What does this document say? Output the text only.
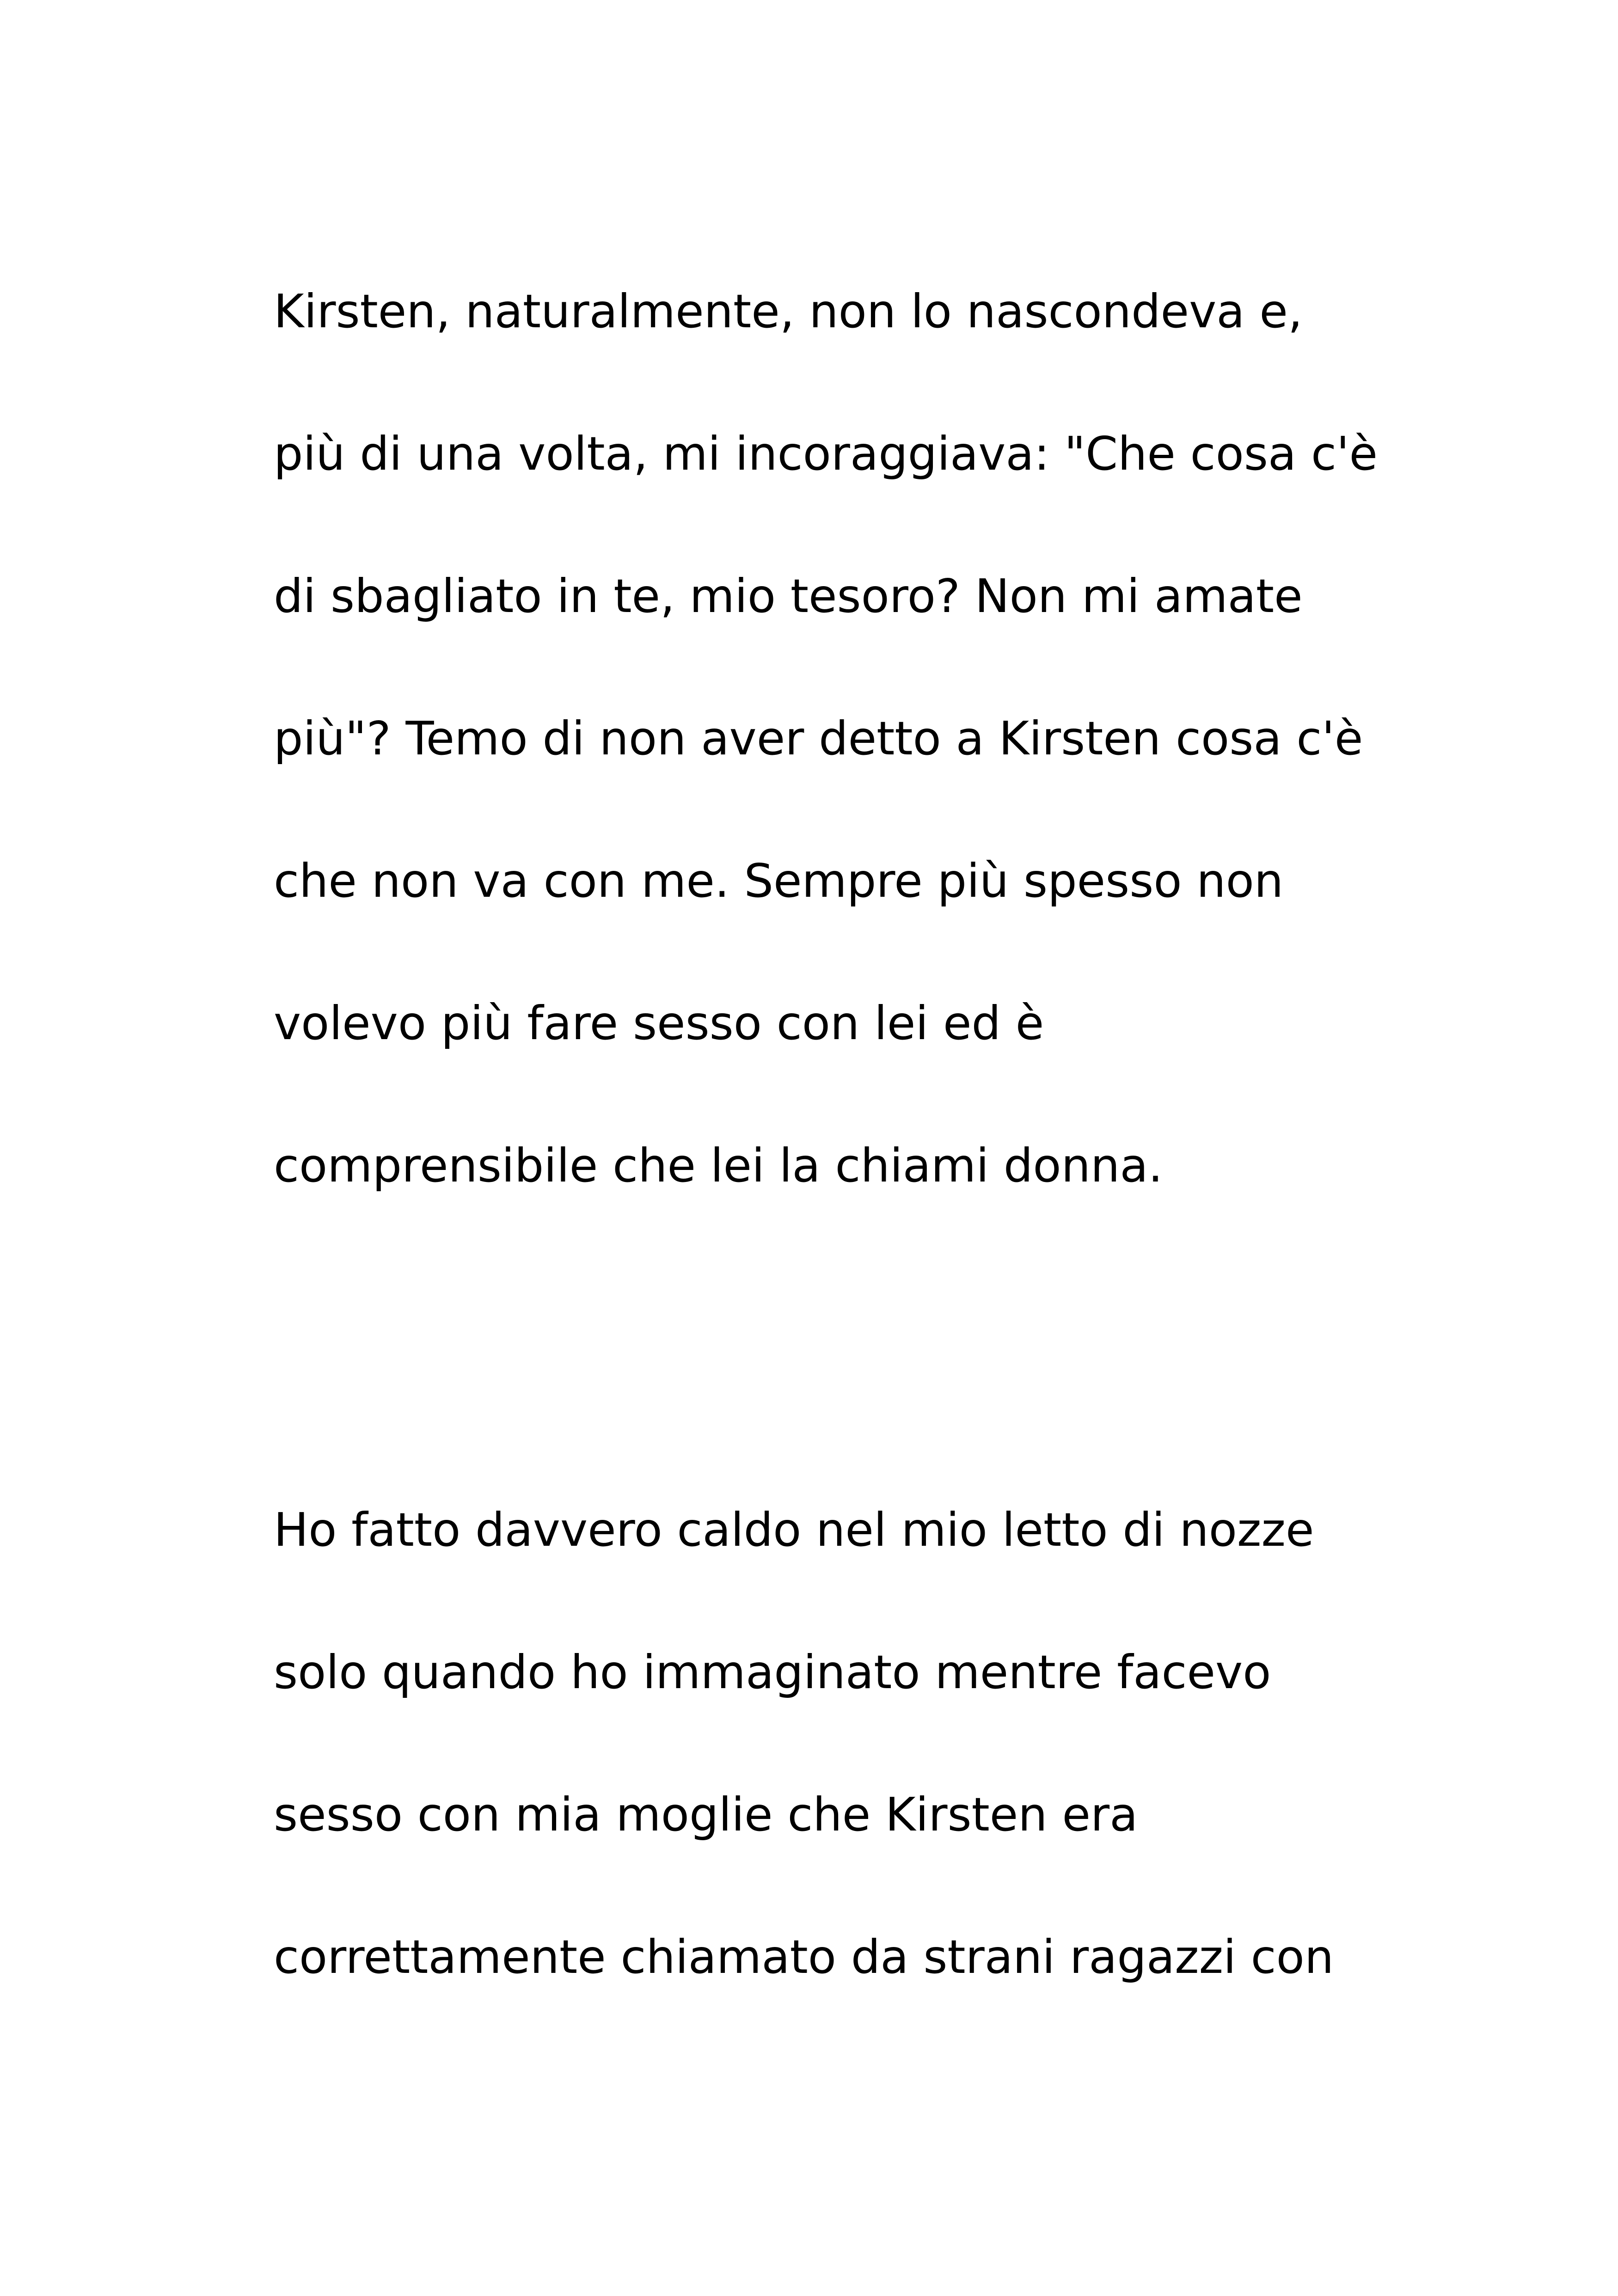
Kirsten, naturalmente, non lo nascondeva e,

più di una volta, mi incoraggiava: "Che cosa c'è

di sbagliato in te, mio tesoro? Non mi amate

più"? Temo di non aver detto a Kirsten cosa c'è

che non va con me. Sempre più spesso non

volevo più fare sesso con lei ed è

comprensibile che lei la chiami donna.

Ho fatto davvero caldo nel mio letto di nozze

solo quando ho immaginato mentre facevo

sesso con mia moglie che Kirsten era

correttamente chiamato da strani ragazzi con
